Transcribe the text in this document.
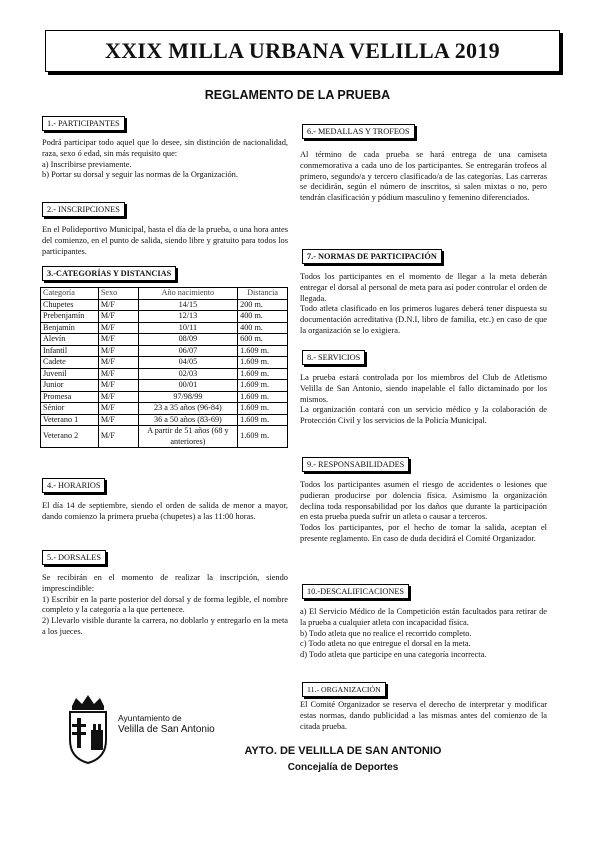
XXIX MILLA URBANA VELILLA 2019
REGLAMENTO DE LA PRUEBA
1.- PARTICIPANTES

Podrá participar todo aquel que lo desee, sin distinción de nacionalidad, raza, sexo ó edad, sin más requisito que:

a) Inscribirse previamente.

b) Portar su dorsal y seguir las normas de la Organización.

2.- INSCRIPCIONES
En el Polideportivo Municipal, hasta el día de la prueba, o una hora antes del comienzo, en el punto de salida, siendo libre y gratuito para todos los participantes.
3.-CATEGORÍAS Y DISTANCIAS
Categoría	Sexo	Año nacimiento	Distancia
Chupetes	M/F	14/15	200 m.
Prebenjamín	M/F	12/13	400 m.
Benjamín	M/F	10/11	400 m.
Alevín	M/F	08/09	600 m.
Infantil	M/F	06/07	1.609 m.
Cadete	M/F	04/05	1.609 m.
Juvenil	M/F	02/03	1.609 m.
Junior	M/F	00/01	1.609 m.
Promesa	M/F	97/98/99	1.609 m.
Sénior	M/F	23 a 35 años (96-84)	1.609 m.
Veterano 1	M/F	36 a 50 años (83-69)	1.609 m.
Veterano 2	M/F	A partir de 51 años (68 y anteriores)	1.609 m.
4.- HORARIOS
El día 14 de septiembre, siendo el orden de salida de menor a mayor, dando comienzo la primera prueba (chupetes) a las 11:00 horas.
5.- DORSALES

Se recibirán en el momento de realizar la inscripción, siendo imprescindible:

1) Escribir en la parte posterior del dorsal y de forma legible, el nombre completo y la categoría a la que pertenece.

2) Llevarlo visible durante la carrera, no doblarlo y entregarlo en la meta a los jueces.

Ayuntamiento de
Velilla de San Antonio
6.- MEDALLAS Y TROFEOS
Al término de cada prueba se hará entrega de una camiseta conmemorativa a cada uno de los participantes. Se entregarán trofeos al primero, segundo/a y tercero clasificado/a de las categorías. Las carreras se decidirán, según el número de inscritos, si salen mixtas o no, pero tendrán clasificación y pódium masculino y femenino diferenciados.
7.- NORMAS DE PARTICIPACIÓN

Todos los participantes en el momento de llegar a la meta deberán entregar el dorsal al personal de meta para así poder controlar el orden de llegada.

Todo atleta clasificado en los primeros lugares deberá tener dispuesta su documentación acreditativa (D.N.I, libro de familia, etc.) en caso de que la organización se lo exigiera.

8.- SERVICIOS

La prueba estará controlada por los miembros del Club de Atletismo Velilla de San Antonio, siendo inapelable el fallo dictaminado por los mismos.

La organización contará con un servicio médico y la colaboración de Protección Civil y los servicios de la Policía Municipal.

9.- RESPONSABILIDADES

Todos los participantes asumen el riesgo de accidentes o lesiones que pudieran producirse por dolencia física. Asimismo la organización declina toda responsabilidad por los daños que durante la participación en esta prueba pueda sufrir un atleta o causar a terceros.

Todos los participantes, por el hecho de tomar la salida, aceptan el presente reglamento. En caso de duda decidirá el Comité Organizador.

10.-DESCALIFICACIONES

a) El Servicio Médico de la Competición están facultados para retirar de la prueba a cualquier atleta con incapacidad física.

b) Todo atleta que no realice el recorrido completo.

c) Todo atleta no que entregue el dorsal en la meta.

d) Todo atleta que participe en una categoría incorrecta.

11.- ORGANIZACIÓN
El Comité Organizador se reserva el derecho de interpretar y modificar estas normas, dando publicidad a las mismas antes del comienzo de la citada prueba.
AYTO. DE VELILLA DE SAN ANTONIO
Concejalía de Deportes
